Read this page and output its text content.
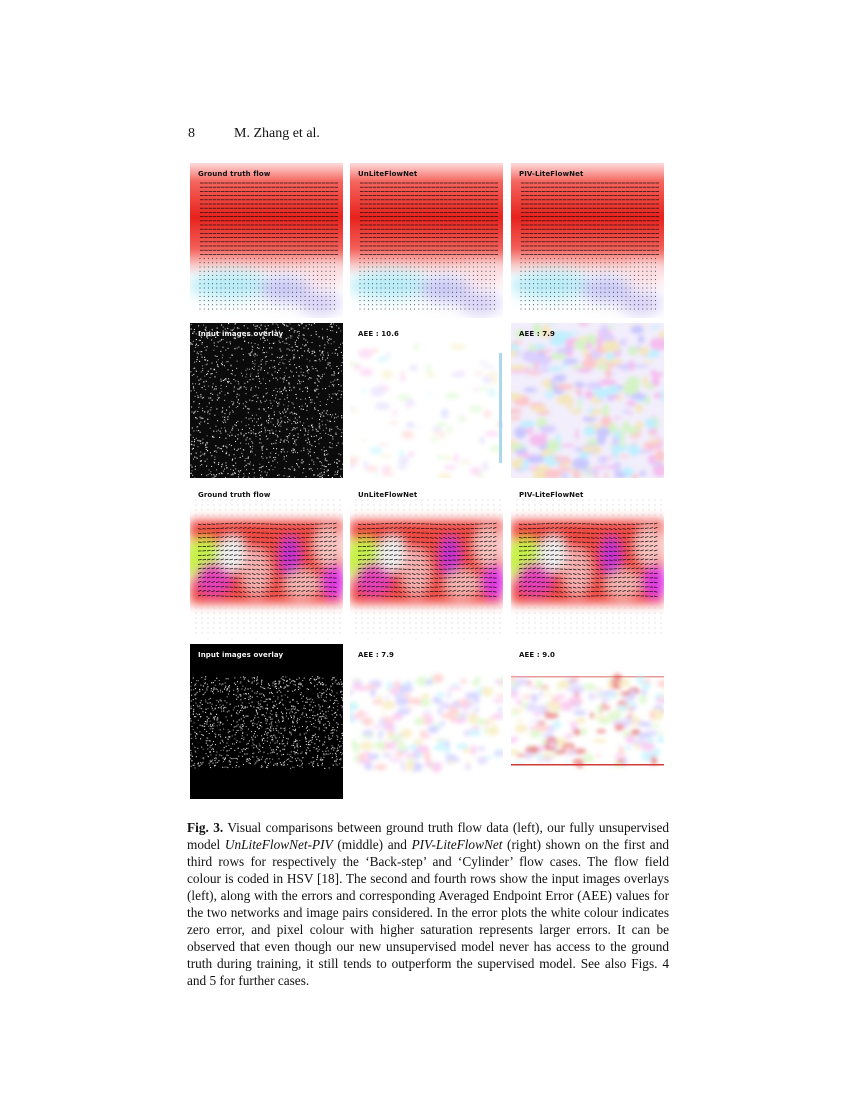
8	M. Zhang et al.
Ground truth flow	UnLiteFlowNet	PIV-LiteFlowNet
Input images overlay	AEE : 10.6	AEE : 7.9
Ground truth flow	UnLiteFlowNet	PIV-LiteFlowNet
Input images overlay	AEE : 7.9	AEE : 9.0
Fig. 3. Visual comparisons between ground truth flow data (left), our fully unsupervised model UnLiteFlowNet-PIV (middle) and PIV-LiteFlowNet (right) shown on the first and third rows for respectively the ‘Back-step’ and ‘Cylinder’ flow cases. The flow field colour is coded in HSV [18]. The second and fourth rows show the input images overlays (left), along with the errors and corresponding Averaged Endpoint Error (AEE) values for the two networks and image pairs considered. In the error plots the white colour indicates zero error, and pixel colour with higher saturation represents larger errors. It can be observed that even though our new unsupervised model never has access to the ground truth during training, it still tends to outperform the supervised model. See also Figs. 4 and 5 for further cases.
